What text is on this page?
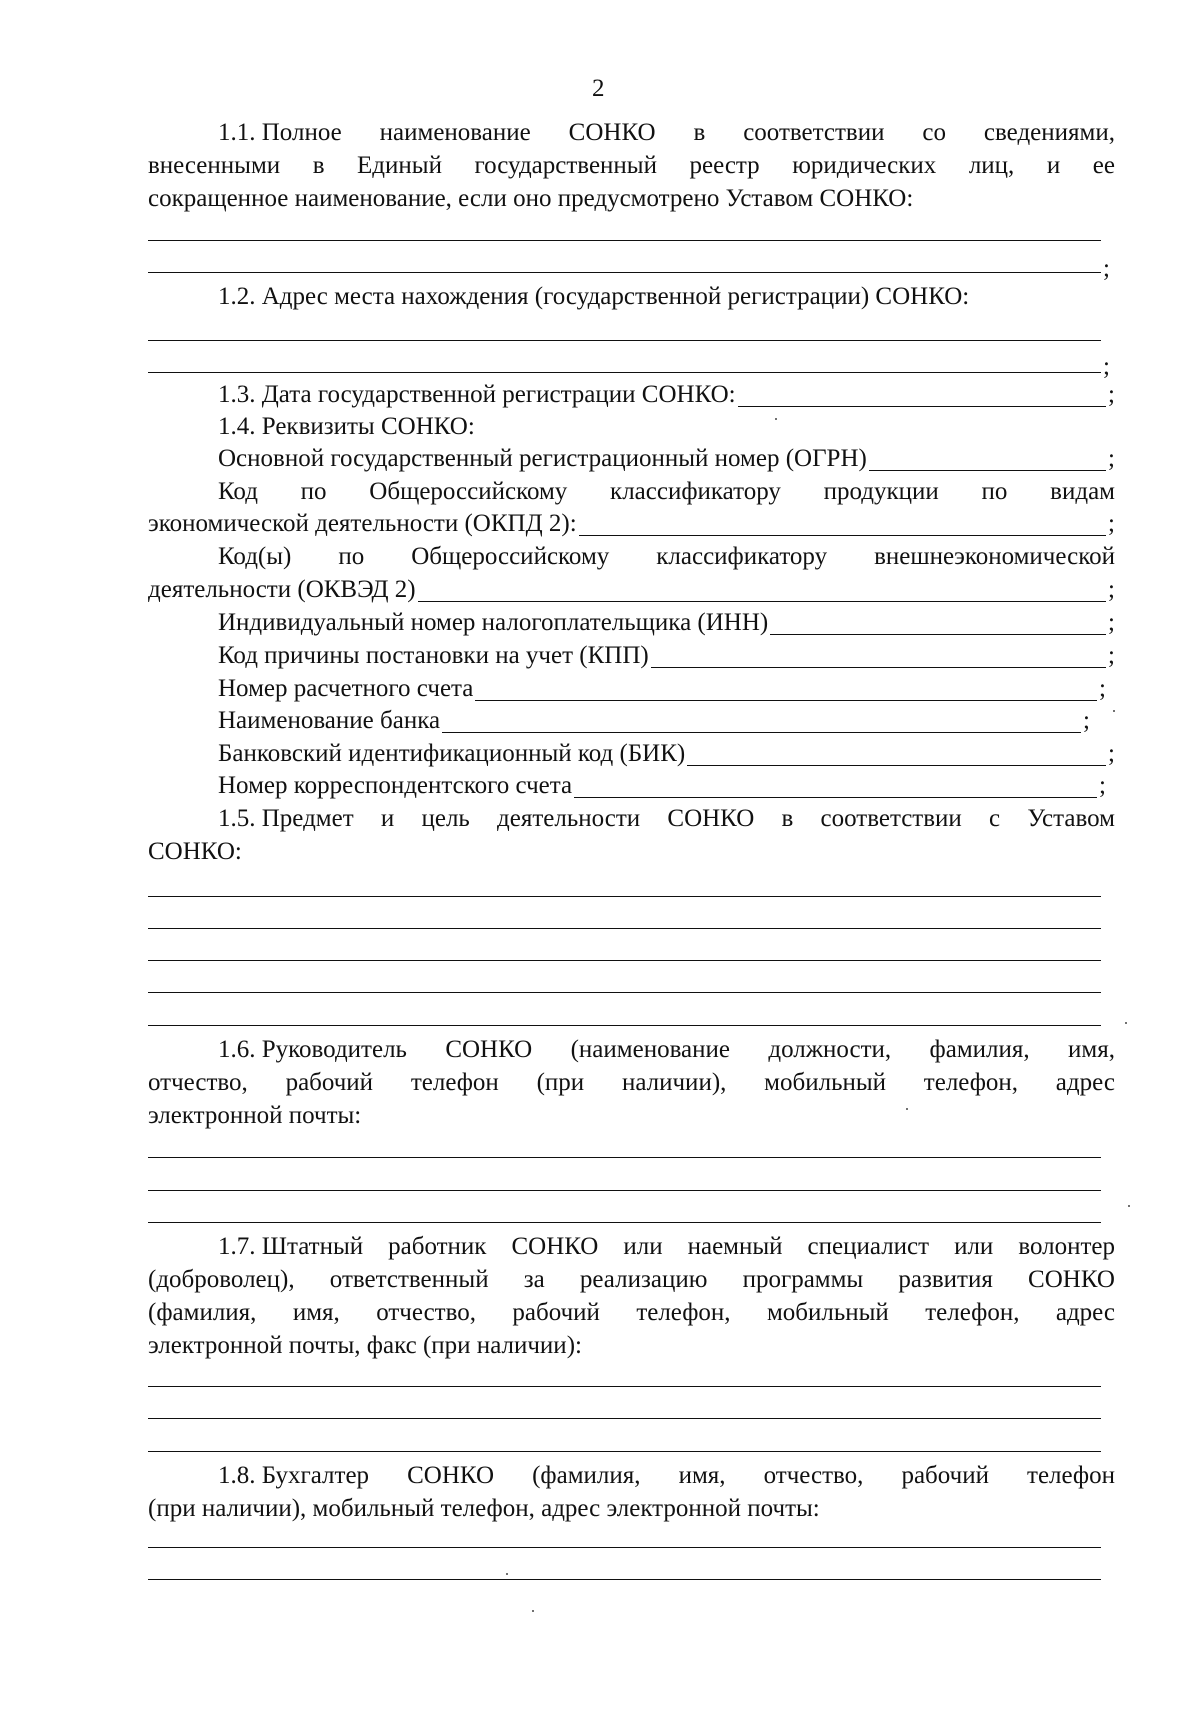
2
1.1. Полное наименование СОНКО в соответствии со сведениями,
внесенными в Единый государственный реестр юридических лиц, и ее
сокращенное наименование, если оно предусмотрено Уставом СОНКО:
;
1.2. Адрес места нахождения (государственной регистрации) СОНКО:
;
1.3. Дата государственной регистрации СОНКО:	;
1.4. Реквизиты СОНКО:
Основной государственный регистрационный номер (ОГРН)	;
Код по Общероссийскому классификатору продукции по видам
экономической деятельности (ОКПД 2):	;
Код(ы) по Общероссийскому классификатору внешнеэкономической
деятельности (ОКВЭД 2)	;
Индивидуальный номер налогоплательщика (ИНН)	;
Код причины постановки на учет (КПП)	;
Номер расчетного счета	;
Наименование банка	;
Банковский идентификационный код (БИК)	;
Номер корреспондентского счета	;
1.5. Предмет и цель деятельности СОНКО в соответствии с Уставом
СОНКО:
1.6. Руководитель СОНКО (наименование должности, фамилия, имя,
отчество, рабочий телефон (при наличии), мобильный телефон, адрес
электронной почты:
1.7. Штатный работник СОНКО или наемный специалист или волонтер
(доброволец), ответственный за реализацию программы развития СОНКО
(фамилия, имя, отчество, рабочий телефон, мобильный телефон, адрес
электронной почты, факс (при наличии):
1.8. Бухгалтер СОНКО (фамилия, имя, отчество, рабочий телефон
(при наличии), мобильный телефон, адрес электронной почты:
